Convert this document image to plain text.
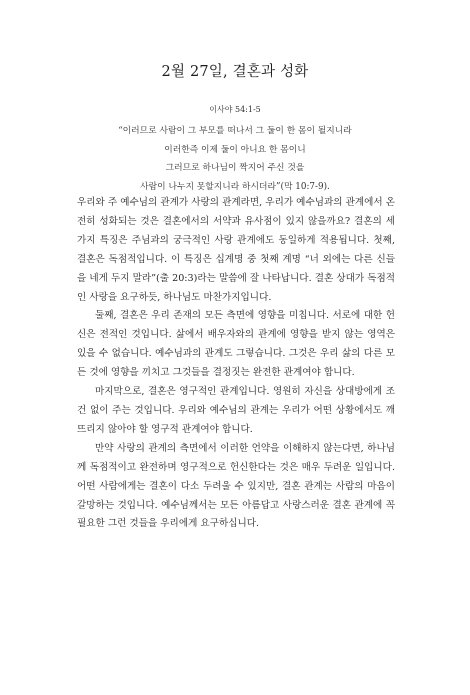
2월 27일, 결혼과 성화
이사야 54:1-5
“이러므로 사람이 그 부모를 떠나서 그 둘이 한 몸이 될지니라
이러한즉 이제 둘이 아니요 한 몸이니
그러므로 하나님이 짝지어 주신 것을
사람이 나누지 못할지니라 하시더라”(막 10:7-9).

우리와 주 예수님의 관계가 사랑의 관계라면, 우리가 예수님과의 관계에서 온전히 성화되는 것은 결혼에서의 서약과 유사점이 있지 않을까요? 결혼의 세 가지 특징은 주님과의 궁극적인 사랑 관계에도 동일하게 적용됩니다. 첫째, 결혼은 독점적입니다. 이 특징은 십계명 중 첫째 계명 “너 외에는 다른 신들을 네게 두지 말라”(출 20:3)라는 말씀에 잘 나타납니다. 결혼 상대가 독점적인 사랑을 요구하듯, 하나님도 마찬가지입니다.

둘째, 결혼은 우리 존재의 모든 측면에 영향을 미칩니다. 서로에 대한 헌신은 전적인 것입니다. 삶에서 배우자와의 관계에 영향을 받지 않는 영역은 있을 수 없습니다. 예수님과의 관계도 그렇습니다. 그것은 우리 삶의 다른 모든 것에 영향을 끼치고 그것들을 결정짓는 완전한 관계여야 합니다.

마지막으로, 결혼은 영구적인 관계입니다. 영원히 자신을 상대방에게 조건 없이 주는 것입니다. 우리와 예수님의 관계는 우리가 어떤 상황에서도 깨뜨리지 않아야 할 영구적 관계여야 합니다.

만약 사랑의 관계의 측면에서 이러한 언약을 이해하지 않는다면, 하나님께 독점적이고 완전하며 영구적으로 헌신한다는 것은 매우 두려운 일입니다. 어떤 사람에게는 결혼이 다소 두려울 수 있지만, 결혼 관계는 사람의 마음이 갈망하는 것입니다. 예수님께서는 모든 아름답고 사랑스러운 결혼 관계에 꼭 필요한 그런 것들을 우리에게 요구하십니다.
